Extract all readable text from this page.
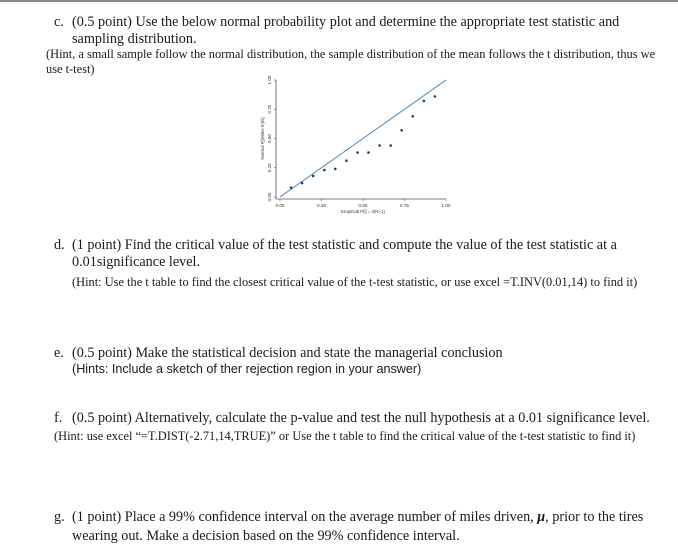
c. (0.5 point) Use the below normal probability plot and determine the appropriate test statistic and sampling distribution.
(Hint, a small sample follow the normal distribution, the sample distribution of the mean follows the t distribution, thus we use t-test)
0.00	0.25	0.50	0.75	1.00
0.00
0.25
0.50
0.75
1.00
Empirical P[i] = i/(N+1)
Normal F[(Miles-m)/s]
d. (1 point) Find the critical value of the test statistic and compute the value of the test statistic at a 0.01significance level.
(Hint: Use the t table to find the closest critical value of the t-test statistic, or use excel =T.INV(0.01,14) to find it)
e. (0.5 point) Make the statistical decision and state the managerial conclusion
(Hints: Include a sketch of ther rejection region in your answer)
f. (0.5 point) Alternatively, calculate the p-value and test the null hypothesis at a 0.01 significance level.
(Hint: use excel “=T.DIST(-2.71,14,TRUE)” or Use the t table to find the critical value of the t-test statistic to find it)
g. (1 point) Place a 99% confidence interval on the average number of miles driven, μ, prior to the tires wearing out. Make a decision based on the 99% confidence interval.
